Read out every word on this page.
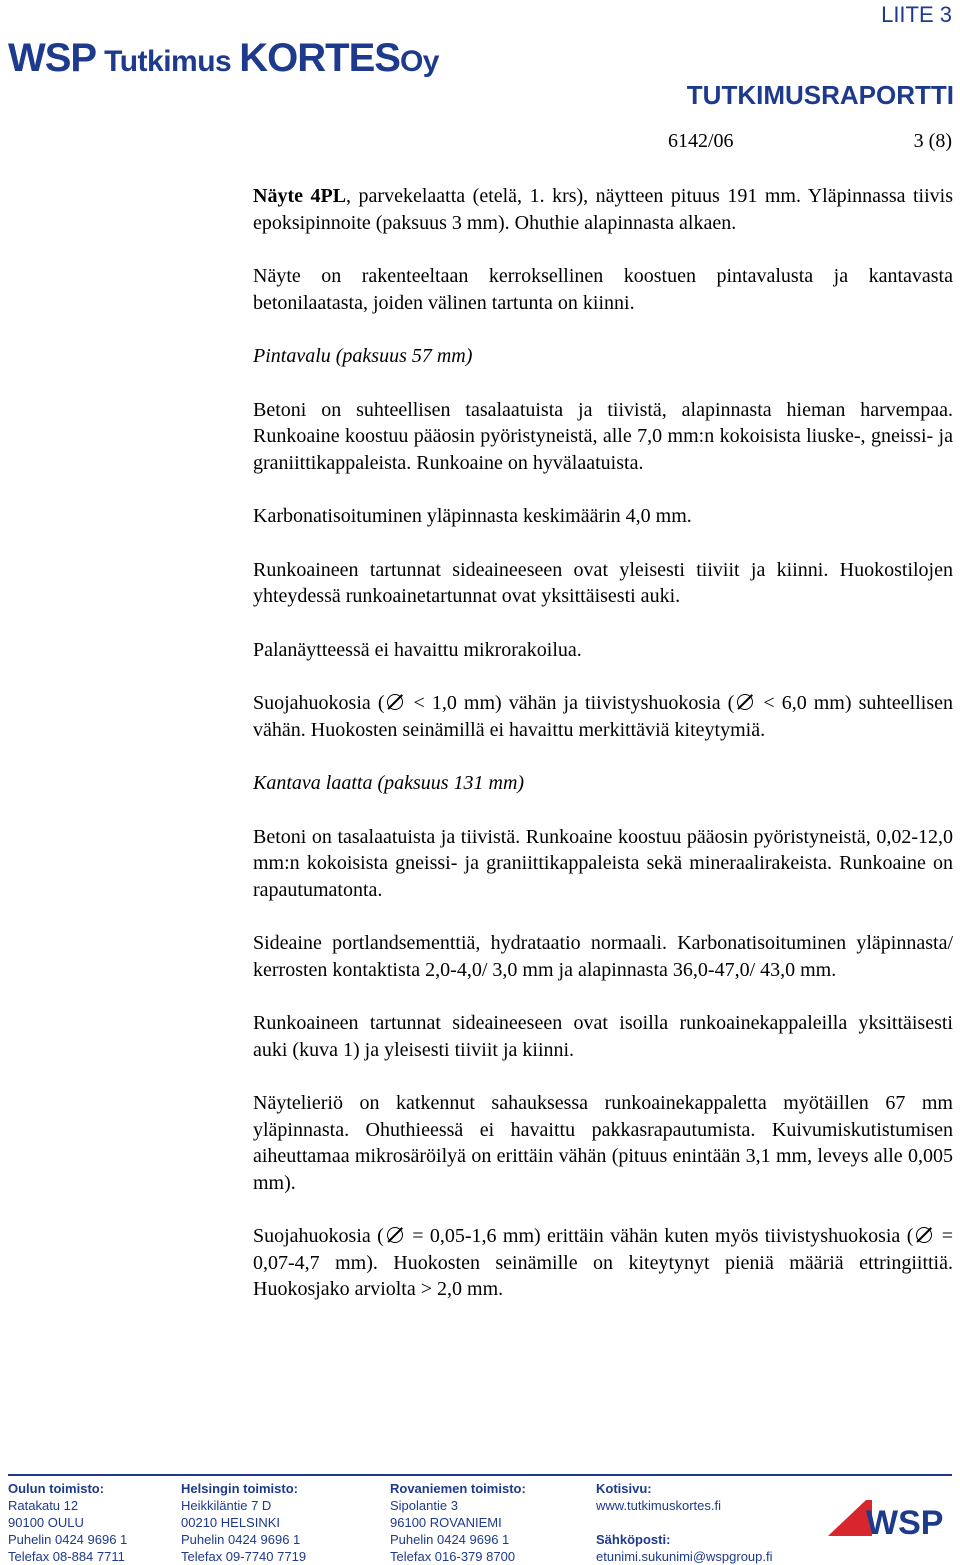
LIITE 3
WSP Tutkimus KORTES Oy
TUTKIMUSRAPORTTI
6142/06	3 (8)

Näyte 4PL, parvekelaatta (etelä, 1. krs), näytteen pituus 191 mm. Yläpinnassa tiivis epoksipinnoite (paksuus 3 mm). Ohuthie alapinnasta alkaen.

Näyte on rakenteeltaan kerroksellinen koostuen pintavalusta ja kantavasta betonilaatasta, joiden välinen tartunta on kiinni.

Pintavalu (paksuus 57 mm)

Betoni on suhteellisen tasalaatuista ja tiivistä, alapinnasta hieman harvempaa. Runkoaine koostuu pääosin pyöristyneistä, alle 7,0 mm:n kokoisista liuske-, gneissi- ja graniittikappaleista. Runkoaine on hyvälaatuista.

Karbonatisoituminen yläpinnasta keskimäärin 4,0 mm.

Runkoaineen tartunnat sideaineeseen ovat yleisesti tiiviit ja kiinni. Huokostilojen yhteydessä runkoainetartunnat ovat yksittäisesti auki.

Palanäytteessä ei havaittu mikrorakoilua.

Suojahuokosia ( < 1,0 mm) vähän ja tiivistyshuokosia ( < 6,0 mm) suhteellisen vähän. Huokosten seinämillä ei havaittu merkittäviä kiteytymiä.

Kantava laatta (paksuus 131 mm)

Betoni on tasalaatuista ja tiivistä. Runkoaine koostuu pääosin pyöristyneistä, 0,02-12,0 mm:n kokoisista gneissi- ja graniittikappaleista sekä mineraalirakeista. Runkoaine on rapautumatonta.

Sideaine portlandsementtiä, hydrataatio normaali. Karbonatisoituminen yläpinnasta/ kerrosten kontaktista 2,0-4,0/ 3,0 mm ja alapinnasta 36,0-47,0/ 43,0 mm.

Runkoaineen tartunnat sideaineeseen ovat isoilla runkoainekappaleilla yksittäisesti auki (kuva 1) ja yleisesti tiiviit ja kiinni.

Näytelieriö on katkennut sahauksessa runkoainekappaletta myötäillen 67 mm yläpinnasta. Ohuthieessä ei havaittu pakkasrapautumista. Kuivumiskutistumisen aiheuttamaa mikrosäröilyä on erittäin vähän (pituus enintään 3,1 mm, leveys alle 0,005 mm).

Suojahuokosia ( = 0,05-1,6 mm) erittäin vähän kuten myös tiivistyshuokosia ( = 0,07-4,7 mm). Huokosten seinämille on kiteytynyt pieniä määriä ettringiittiä. Huokosjako arviolta > 2,0 mm.

Oulun toimisto:
Ratakatu 12
90100 OULU
Puhelin 0424 9696 1
Telefax 08-884 7711
Helsingin toimisto:
Heikkiläntie 7 D
00210 HELSINKI
Puhelin 0424 9696 1
Telefax 09-7740 7719
Rovaniemen toimisto:
Sipolantie 3
96100 ROVANIEMI
Puhelin 0424 9696 1
Telefax 016-379 8700
Kotisivu:
www.tutkimuskortes.fi

Sähköposti:
etunimi.sukunimi@wspgroup.fi
WSP
